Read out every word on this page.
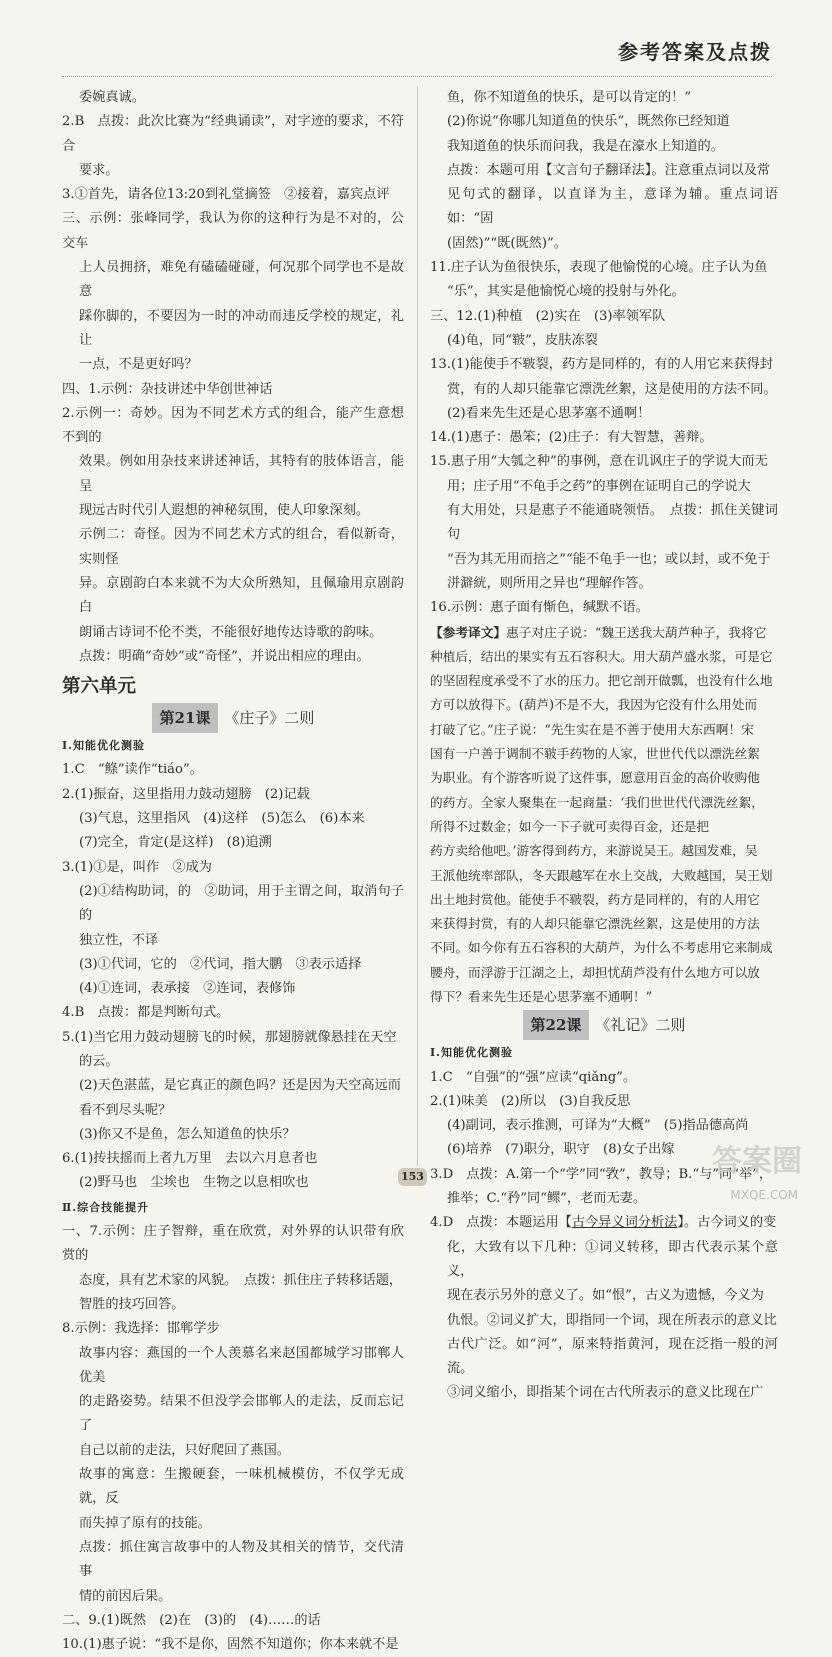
参考答案及点拨

委婉真诚。

2.B　点拨：此次比赛为“经典诵读”，对字迹的要求，不符合

要求。

3.①首先，请各位13:20到礼堂摘签　②接着，嘉宾点评

三、示例：张峰同学，我认为你的这种行为是不对的，公交车

上人员拥挤，难免有磕磕碰碰，何况那个同学也不是故意

踩你脚的，不要因为一时的冲动而违反学校的规定，礼让

一点，不是更好吗？

四、1.示例：杂技讲述中华创世神话

2.示例一：奇妙。因为不同艺术方式的组合，能产生意想不到的

效果。例如用杂技来讲述神话，其特有的肢体语言，能呈

现远古时代引人遐想的神秘氛围，使人印象深刻。

示例二：奇怪。因为不同艺术方式的组合，看似新奇，实则怪

异。京剧韵白本来就不为大众所熟知，且佩瑜用京剧韵白

朗诵古诗词不伦不类，不能很好地传达诗歌的韵味。

点拨：明确“奇妙”或“奇怪”，并说出相应的理由。

第六单元
第21课 《庄子》二则

Ⅰ.知能优化测验

1.C　“鲦”读作“tiáo”。

2.(1)振奋，这里指用力鼓动翅膀　(2)记载

(3)气息，这里指风　(4)这样　(5)怎么　(6)本来

(7)完全，肯定(是这样)　(8)追溯

3.(1)①是，叫作　②成为

(2)①结构助词，的　②助词，用于主谓之间，取消句子的

独立性，不译

(3)①代词，它的　②代词，指大鹏　③表示适择

(4)①连词，表承接　②连词，表修饰

4.B　点拨：都是判断句式。

5.(1)当它用力鼓动翅膀飞的时候，那翅膀就像悬挂在天空

的云。

(2)天色湛蓝，是它真正的颜色吗？还是因为天空高远而

看不到尽头呢？

(3)你又不是鱼，怎么知道鱼的快乐？

6.(1)抟扶摇而上者九万里　去以六月息者也

(2)野马也　尘埃也　生物之以息相吹也

Ⅱ.综合技能提升

一、7.示例：庄子智辩，重在欣赏，对外界的认识带有欣赏的

态度，具有艺术家的风貌。　点拨：抓住庄子转移话题，

智胜的技巧回答。

8.示例：我选择：邯郸学步

故事内容：燕国的一个人羡慕名来赵国都城学习邯郸人优美

的走路姿势。结果不但没学会邯郸人的走法，反而忘记了

自己以前的走法，只好爬回了燕国。

故事的寓意：生搬硬套，一味机械模仿，不仅学无成就，反

而失掉了原有的技能。

点拨：抓住寓言故事中的人物及其相关的情节，交代清事

情的前因后果。

二、9.(1)既然　(2)在　(3)的　(4)……的话

10.(1)惠子说：“我不是你，固然不知道你；你本来就不是

鱼，你不知道鱼的快乐，是可以肯定的！”

(2)你说“你哪儿知道鱼的快乐”，既然你已经知道

我知道鱼的快乐而问我，我是在濠水上知道的。

点拨：本题可用【文言句子翻译法】。注意重点词以及常

见句式的翻译，以直译为主，意译为辅。重点词语如：“固

(固然)”“既(既然)”。

11.庄子认为鱼很快乐，表现了他愉悦的心境。庄子认为鱼

“乐”，其实是他愉悦心境的投射与外化。

三、12.(1)种植　(2)实在　(3)率领军队

(4)龟，同“皲”，皮肤冻裂

13.(1)能使手不皲裂，药方是同样的，有的人用它来获得封

赏，有的人却只能靠它漂洗丝絮，这是使用的方法不同。

(2)看来先生还是心思茅塞不通啊！

14.(1)惠子：愚笨；(2)庄子：有大智慧，善辩。

15.惠子用“大瓠之种”的事例，意在讥讽庄子的学说大而无

用；庄子用“不龟手之药”的事例在证明自己的学说大

有大用处，只是惠子不能通晓领悟。　点拨：抓住关键词句

“吾为其无用而掊之”“能不龟手一也；或以封，或不免于

洴澼絖，则所用之异也”理解作答。

16.示例：惠子面有惭色，缄默不语。

【参考译文】惠子对庄子说：“魏王送我大葫芦种子，我将它

种植后，结出的果实有五石容积大。用大葫芦盛水浆，可是它

的坚固程度承受不了水的压力。把它剖开做瓢，也没有什么地

方可以放得下。(葫芦)不是不大，我因为它没有什么用处而

打破了它。”庄子说：“先生实在是不善于使用大东西啊！宋

国有一户善于调制不皲手药物的人家，世世代代以漂洗丝絮

为职业。有个游客听说了这件事，愿意用百金的高价收购他

的药方。全家人聚集在一起商量：‘我们世世代代漂洗丝絮，

所得不过数金；如今一下子就可卖得百金，还是把

药方卖给他吧。’游客得到药方，来游说吴王。越国发难，吴

王派他统率部队，冬天跟越军在水上交战，大败越国，吴王划

出土地封赏他。能使手不皲裂，药方是同样的，有的人用它

来获得封赏，有的人却只能靠它漂洗丝絮，这是使用的方法

不同。如今你有五石容积的大葫芦，为什么不考虑用它来制成

腰舟，而浮游于江湖之上，却担忧葫芦没有什么地方可以放

得下？看来先生还是心思茅塞不通啊！”

第22课 《礼记》二则

Ⅰ.知能优化测验

1.C　“自强”的“强”应读“qiǎng”。

2.(1)味美　(2)所以　(3)自我反思

(4)副词，表示推测，可译为“大概”　(5)指品德高尚

(6)培养　(7)职分，职守　(8)女子出嫁

3.D　点拨：A.第一个“学”同“敩”，教导；B.“与”同“举”，

推举；C.“矜”同“鳏”，老而无妻。

4.D　点拨：本题运用【古今异义词分析法】。古今词义的变

化，大致有以下几种：①词义转移，即古代表示某个意义，

现在表示另外的意义了。如“恨”，古义为遗憾，今义为

仇恨。②词义扩大，即指同一个词，现在所表示的意义比

古代广泛。如“河”，原来特指黄河，现在泛指一般的河流。

③词义缩小，即指某个词在古代所表示的意义比现在广

153	答案圈
MXQE.COM
